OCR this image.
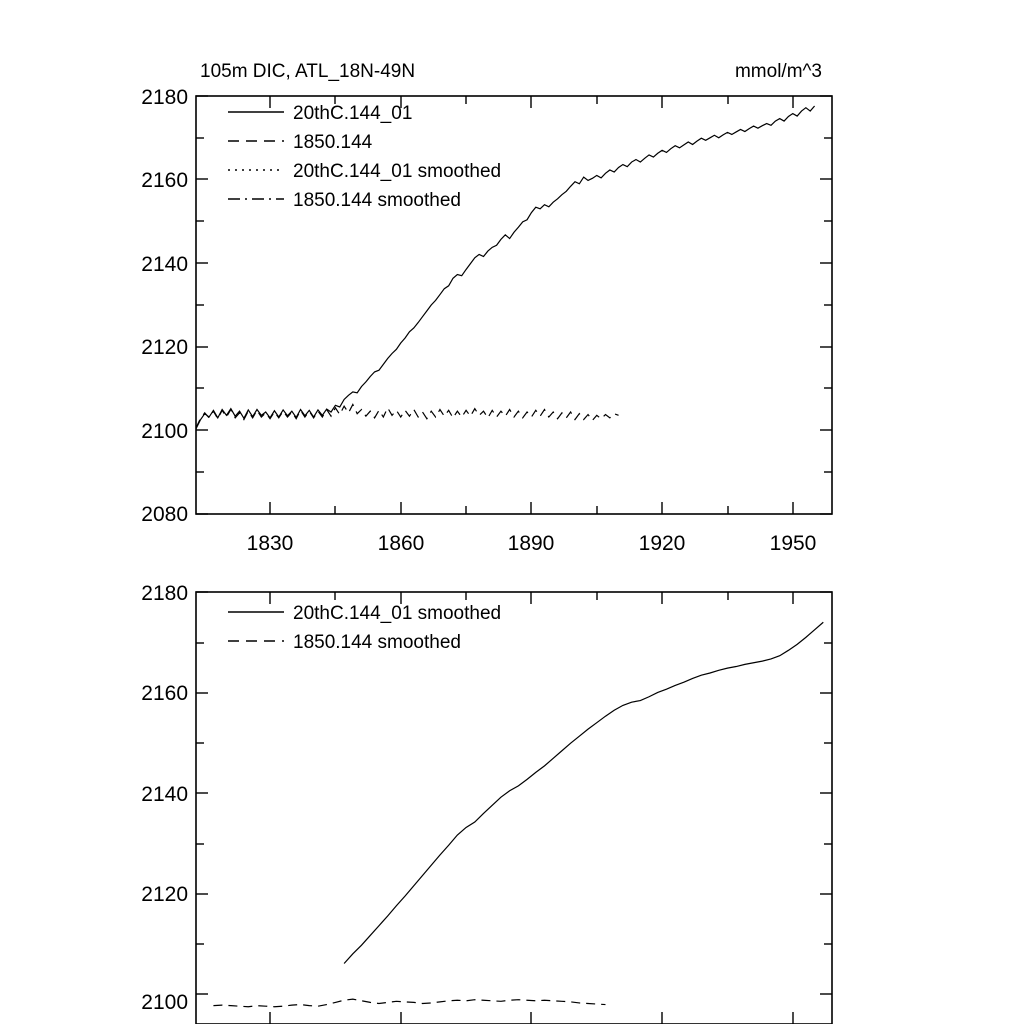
105m DIC, ATL_18N-49N	mmol/m^3
2180
2160
2140
2120
2100
2080
1830	1860	1890	1920	1950
20thC.144_01
1850.144
20thC.144_01 smoothed
1850.144 smoothed
2180
2160
2140
2120
2100
20thC.144_01 smoothed
1850.144 smoothed
